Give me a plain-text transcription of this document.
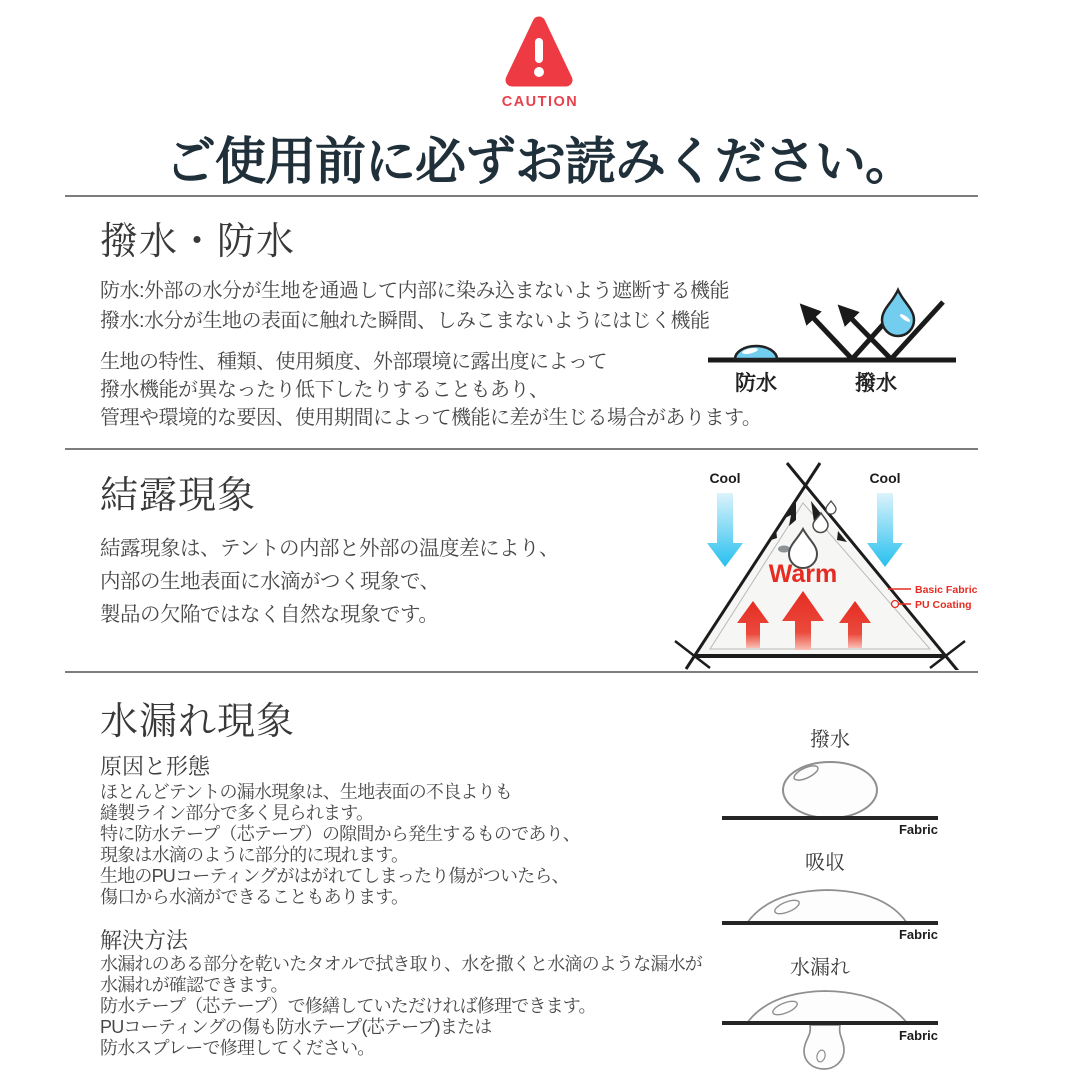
CAUTION
ご使用前に必ずお読みください。
撥水・防水
防水:外部の水分が生地を通過して内部に染み込まないよう遮断する機能
撥水:水分が生地の表面に触れた瞬間、しみこまないようにはじく機能
生地の特性、種類、使用頻度、外部環境に露出度によって
撥水機能が異なったり低下したりすることもあり、
管理や環境的な要因、使用期間によって機能に差が生じる場合があります。
防水	撥水
結露現象
結露現象は、テントの内部と外部の温度差により、
内部の生地表面に水滴がつく現象で、
製品の欠陥ではなく自然な現象です。
Cool	Cool
Warm
Basic Fabric
PU Coating
水漏れ現象
原因と形態
ほとんどテントの漏水現象は、生地表面の不良よりも
縫製ライン部分で多く見られます。
特に防水テープ（芯テープ）の隙間から発生するものであり、
現象は水滴のように部分的に現れます。
生地のPUコーティングがはがれてしまったり傷がついたら、
傷口から水滴ができることもあります。
解決方法
水漏れのある部分を乾いたタオルで拭き取り、水を撒くと水滴のような漏水が
水漏れが確認できます。
防水テープ（芯テープ）で修繕していただければ修理できます。
PUコーティングの傷も防水テープ(芯テープ)または
防水スプレーで修理してください。
撥水
Fabric
吸収
Fabric
水漏れ
Fabric
